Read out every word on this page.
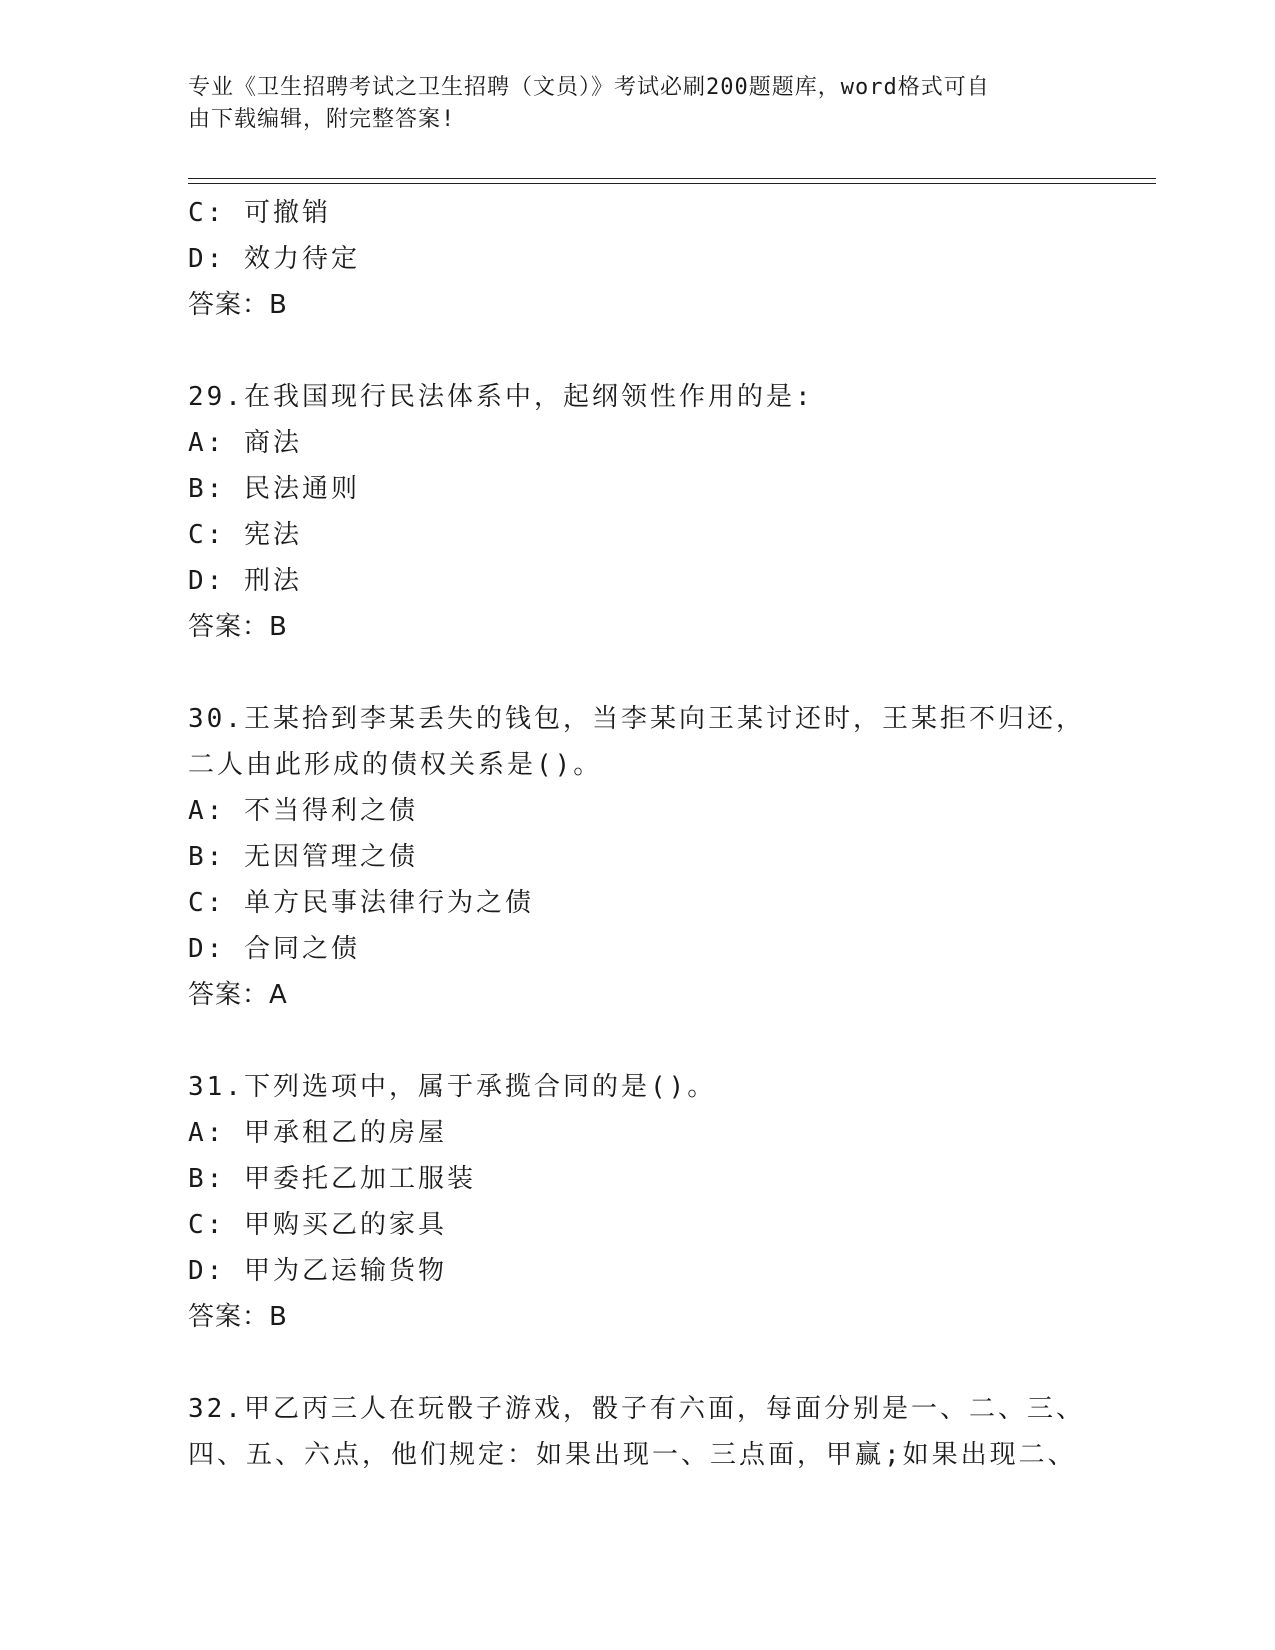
专业《卫生招聘考试之卫生招聘（文员）》考试必刷200题题库，word格式可自
由下载编辑，附完整答案!
C: 可撤销
D: 效力待定
答案：B
29.在我国现行民法体系中，起纲领性作用的是:
A: 商法
B: 民法通则
C: 宪法
D: 刑法
答案：B
30.王某拾到李某丢失的钱包，当李某向王某讨还时，王某拒不归还，
二人由此形成的债权关系是()。
A: 不当得利之债
B: 无因管理之债
C: 单方民事法律行为之债
D: 合同之债
答案：A
31.下列选项中，属于承揽合同的是()。
A: 甲承租乙的房屋
B: 甲委托乙加工服装
C: 甲购买乙的家具
D: 甲为乙运输货物
答案：B
32.甲乙丙三人在玩骰子游戏，骰子有六面，每面分别是一、二、三、
四、五、六点，他们规定：如果出现一、三点面，甲赢;如果出现二、
